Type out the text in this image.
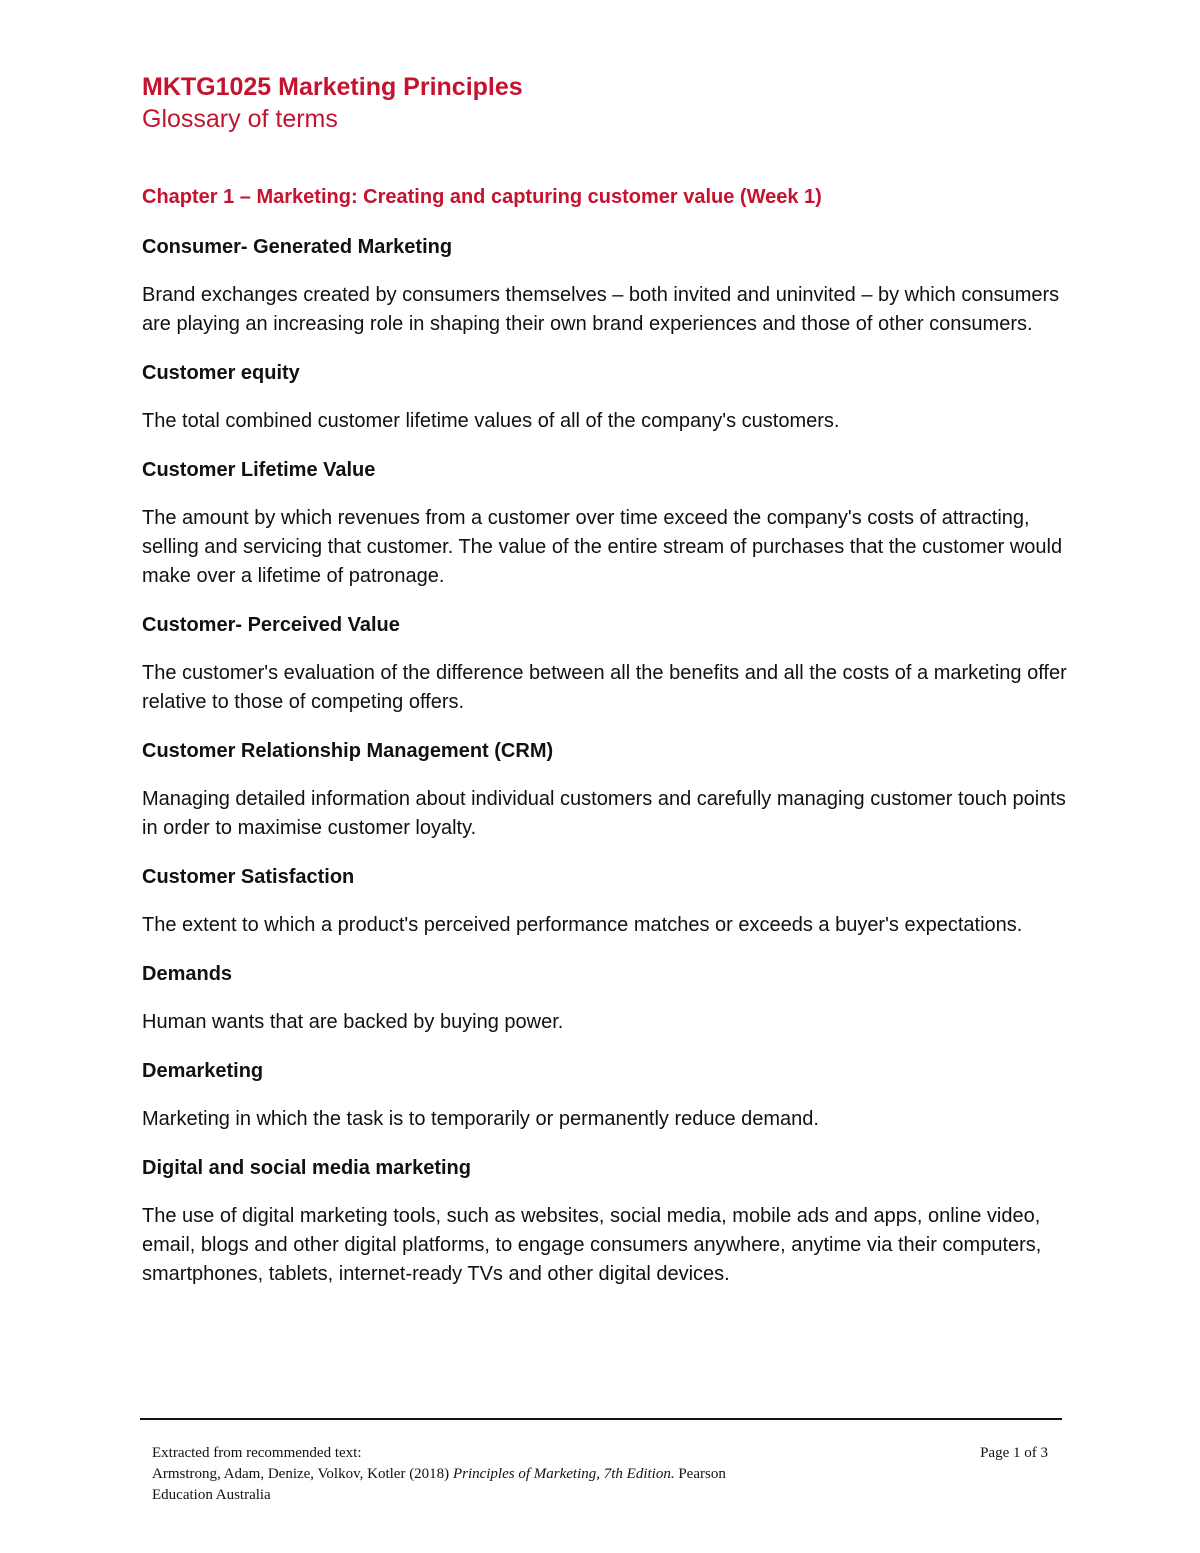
MKTG1025 Marketing Principles
Glossary of terms
Chapter 1 – Marketing: Creating and capturing customer value (Week 1)

Consumer- Generated Marketing

Brand exchanges created by consumers themselves – both invited and uninvited – by which consumers are playing an increasing role in shaping their own brand experiences and those of other consumers.

Customer equity

The total combined customer lifetime values of all of the company's customers.

Customer Lifetime Value

The amount by which revenues from a customer over time exceed the company's costs of attracting, selling and servicing that customer. The value of the entire stream of purchases that the customer would make over a lifetime of patronage.

Customer- Perceived Value

The customer's evaluation of the difference between all the benefits and all the costs of a marketing offer relative to those of competing offers.

Customer Relationship Management (CRM)

Managing detailed information about individual customers and carefully managing customer touch points in order to maximise customer loyalty.

Customer Satisfaction

The extent to which a product's perceived performance matches or exceeds a buyer's expectations.

Demands

Human wants that are backed by buying power.

Demarketing

Marketing in which the task is to temporarily or permanently reduce demand.

Digital and social media marketing

The use of digital marketing tools, such as websites, social media, mobile ads and apps, online video, email, blogs and other digital platforms, to engage consumers anywhere, anytime via their computers, smartphones, tablets, internet-ready TVs and other digital devices.

Extracted from recommended text:	Page 1 of 3
Armstrong, Adam, Denize, Volkov, Kotler (2018) Principles of Marketing, 7th Edition. Pearson
Education Australia
